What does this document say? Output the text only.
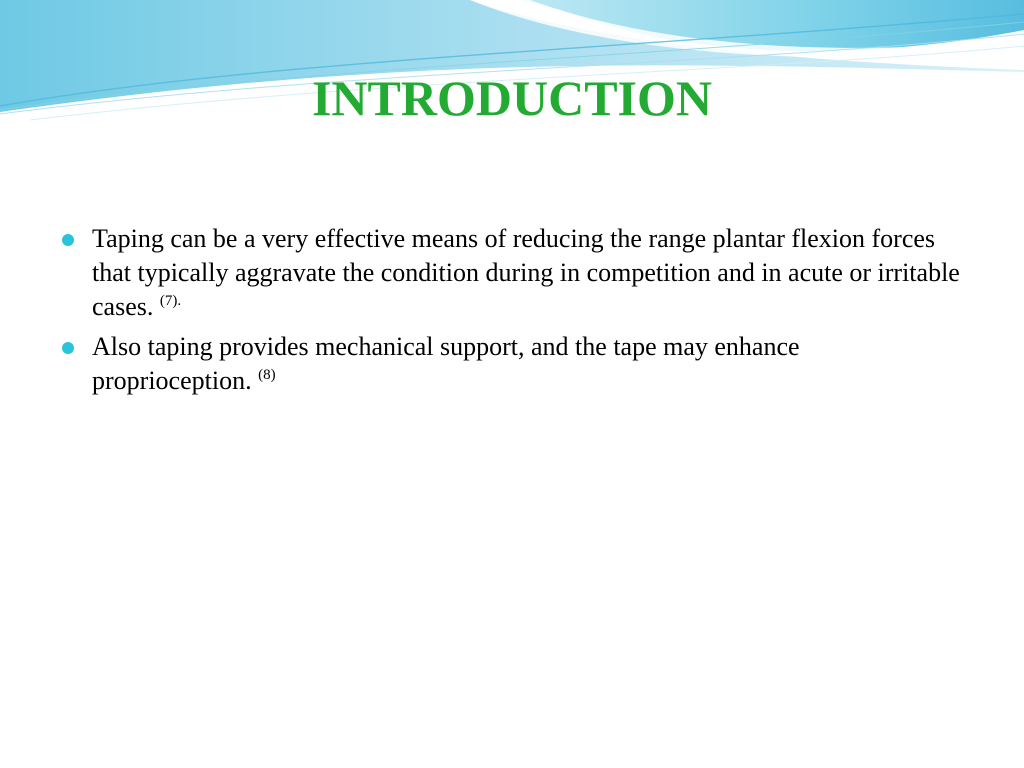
INTRODUCTION
Taping can be a very effective means of reducing the range plantar flexion forces that typically aggravate the condition during in competition and in acute or irritable cases. $^{(7).}$
Also taping provides mechanical support, and the tape may enhance proprioception. $^{(8)}$
